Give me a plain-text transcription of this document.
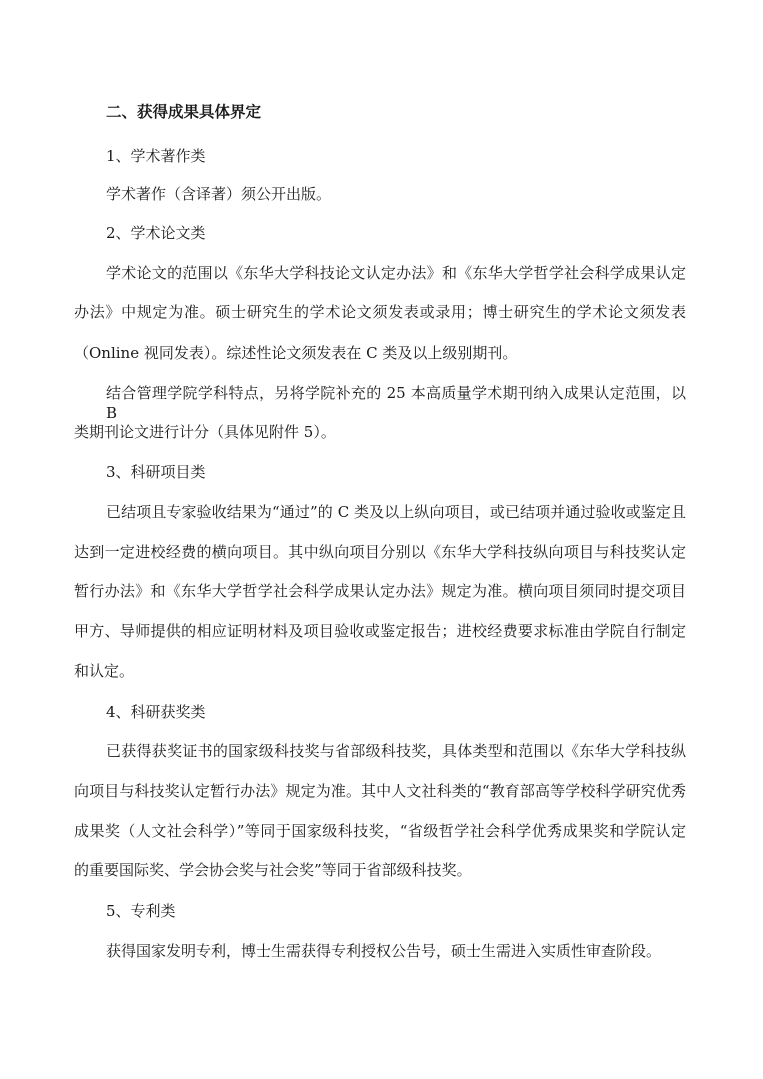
二、获得成果具体界定
1、学术著作类
学术著作（含译著）须公开出版。
2、学术论文类
学术论文的范围以《东华大学科技论文认定办法》和《东华大学哲学社会科学成果认定
办法》中规定为准。硕士研究生的学术论文须发表或录用；博士研究生的学术论文须发表
（Online 视同发表）。综述性论文须发表在 C 类及以上级别期刊。
结合管理学院学科特点，另将学院补充的 25 本高质量学术期刊纳入成果认定范围，以 B
类期刊论文进行计分（具体见附件 5）。
3、科研项目类
已结项且专家验收结果为“通过”的 C 类及以上纵向项目，或已结项并通过验收或鉴定且
达到一定进校经费的横向项目。其中纵向项目分别以《东华大学科技纵向项目与科技奖认定
暂行办法》和《东华大学哲学社会科学成果认定办法》规定为准。横向项目须同时提交项目
甲方、导师提供的相应证明材料及项目验收或鉴定报告；进校经费要求标准由学院自行制定
和认定。
4、科研获奖类
已获得获奖证书的国家级科技奖与省部级科技奖，具体类型和范围以《东华大学科技纵
向项目与科技奖认定暂行办法》规定为准。其中人文社科类的“教育部高等学校科学研究优秀
成果奖（人文社会科学）”等同于国家级科技奖，“省级哲学社会科学优秀成果奖和学院认定
的重要国际奖、学会协会奖与社会奖”等同于省部级科技奖。
5、专利类
获得国家发明专利，博士生需获得专利授权公告号，硕士生需进入实质性审查阶段。
